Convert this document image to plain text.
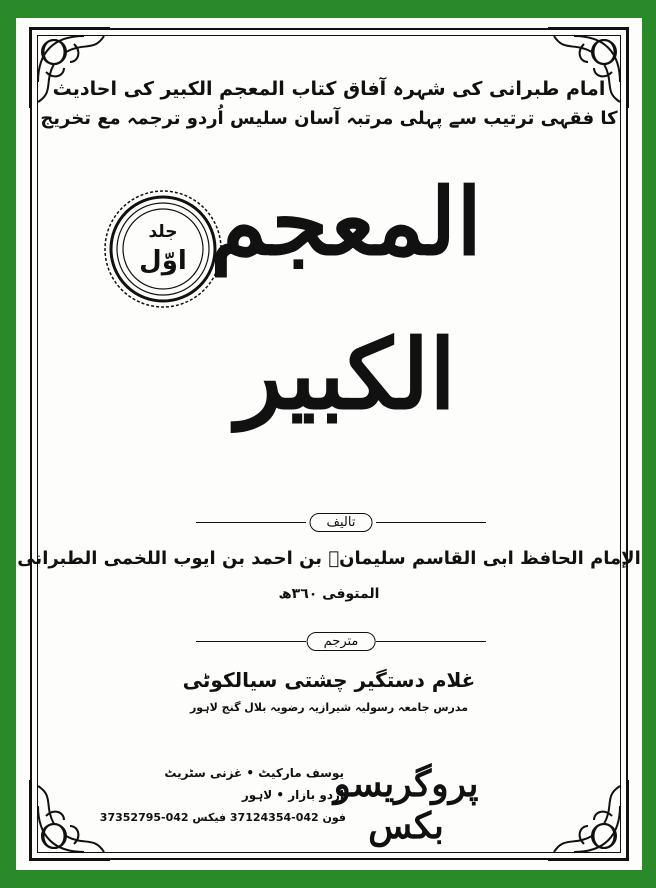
امام طبرانی کی شہرہ آفاق کتاب المعجم الکبیر کی احادیث
کا فقہی ترتیب سے پہلی مرتبہ آسان سلیس اُردو ترجمہ مع تخریج
المعجم
الکبیر
جلد
اوّل
تالیف
الإمام الحافظ ابی القاسم سلیمانؒ بن احمد بن ایوب اللخمی الطبرانی
المتوفی ٣٦٠ھ
مترجم
غلام دستگیر چشتی سیالکوٹی
مدرس جامعہ رسولیہ شیرازیہ رضویہ بلال گنج لاہور
یوسف مارکیٹ • غزنی سٹریٹ
اُردو بازار • لاہور
فون 042-37124354 فیکس 042-37352795
پروگریسو بکس
